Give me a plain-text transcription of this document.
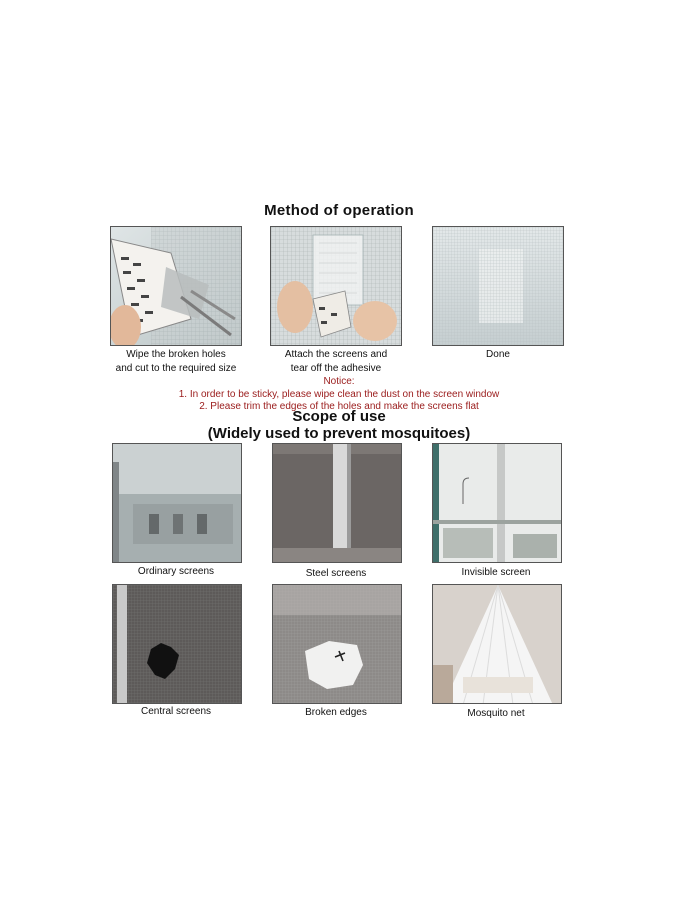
Method of operation
Wipe the broken holes
and cut to the required size
Attach the screens and
tear off the adhesive
Done
Notice:
1. In order to be sticky, please wipe clean the dust on the screen window
2. Please trim the edges of the holes and make the screens flat
Scope of use
(Widely used to prevent mosquitoes)
Ordinary screens	Steel screens	Invisible screen
Central screens	Broken edges	Mosquito net
